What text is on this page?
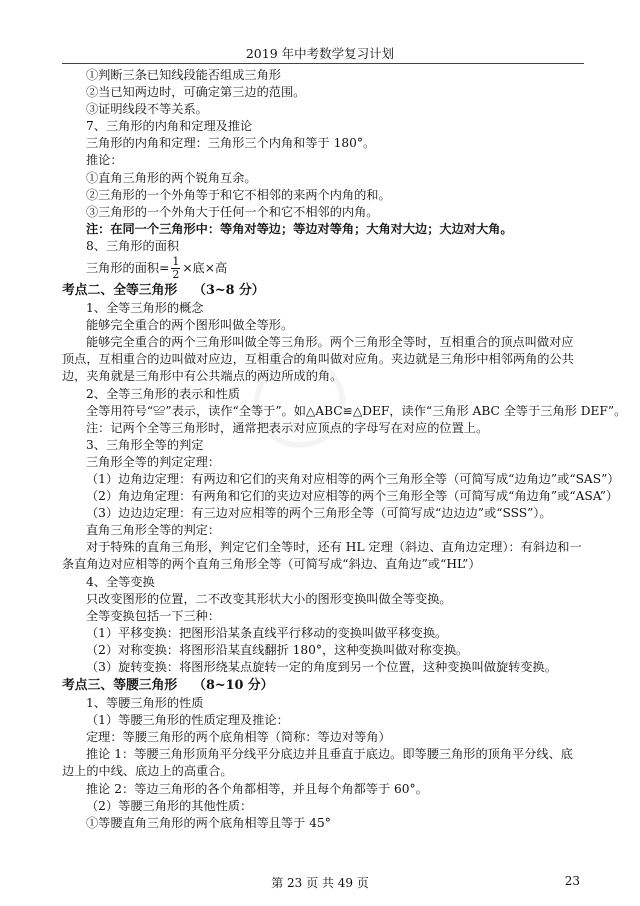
2019 年中考数学复习计划

①判断三条已知线段能否组成三角形

②当已知两边时，可确定第三边的范围。

③证明线段不等关系。

7、三角形的内角和定理及推论

三角形的内角和定理：三角形三个内角和等于 180°。

推论：

①直角三角形的两个锐角互余。

②三角形的一个外角等于和它不相邻的来两个内角的和。

③三角形的一个外角大于任何一个和它不相邻的内角。

注：在同一个三角形中：等角对等边；等边对等角；大角对大边；大边对大角。

8、三角形的面积

三角形的面积= $\frac{1}{2}$ ×底×高

考点二、全等三角形 （3~8 分）

1、全等三角形的概念

能够完全重合的两个图形叫做全等形。

能够完全重合的两个三角形叫做全等三角形。两个三角形全等时，互相重合的顶点叫做对应顶点，互相重合的边叫做对应边，互相重合的角叫做对应角。夹边就是三角形中相邻两角的公共边，夹角就是三角形中有公共端点的两边所成的角。

2、全等三角形的表示和性质

全等用符号“≌”表示，读作“全等于”。如△ABC≌△DEF，读作“三角形 ABC 全等于三角形 DEF”。

注：记两个全等三角形时，通常把表示对应顶点的字母写在对应的位置上。

3、三角形全等的判定

三角形全等的判定定理：

（1）边角边定理：有两边和它们的夹角对应相等的两个三角形全等（可简写成“边角边”或“SAS”）

（2）角边角定理：有两角和它们的夹边对应相等的两个三角形全等（可简写成“角边角”或“ASA”）

（3）边边边定理：有三边对应相等的两个三角形全等（可简写成“边边边”或“SSS”）。

直角三角形全等的判定：

对于特殊的直角三角形，判定它们全等时，还有 HL 定理（斜边、直角边定理）：有斜边和一条直角边对应相等的两个直角三角形全等（可简写成“斜边、直角边”或“HL”）

4、全等变换

只改变图形的位置，二不改变其形状大小的图形变换叫做全等变换。

全等变换包括一下三种：

（1）平移变换：把图形沿某条直线平行移动的变换叫做平移变换。

（2）对称变换：将图形沿某直线翻折 180°，这种变换叫做对称变换。

（3）旋转变换：将图形绕某点旋转一定的角度到另一个位置，这种变换叫做旋转变换。

考点三、等腰三角形 （8~10 分）

1、等腰三角形的性质

（1）等腰三角形的性质定理及推论：

定理：等腰三角形的两个底角相等（简称：等边对等角）

推论 1：等腰三角形顶角平分线平分底边并且垂直于底边。即等腰三角形的顶角平分线、底边上的中线、底边上的高重合。

推论 2：等边三角形的各个角都相等，并且每个角都等于 60°。

（2）等腰三角形的其他性质：

①等腰直角三角形的两个底角相等且等于 45°

第 23 页 共 49 页	23
